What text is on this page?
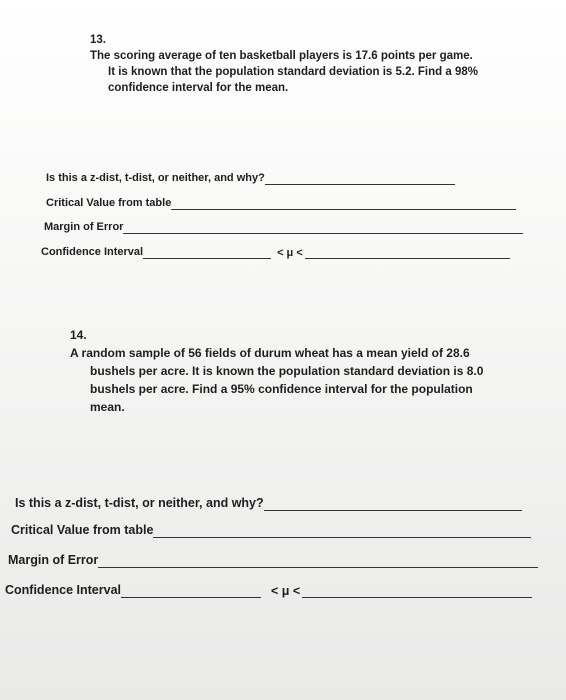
13.
The scoring average of ten basketball players is 17.6 points per game.
It is known that the population standard deviation is 5.2. Find a 98%
confidence interval for the mean.
Is this a z-dist, t-dist, or neither, and why?
Critical Value from table
Margin of Error
Confidence Interval	< μ <
14.
A random sample of 56 fields of durum wheat has a mean yield of 28.6
bushels per acre. It is known the population standard deviation is 8.0
bushels per acre. Find a 95% confidence interval for the population
mean.
Is this a z-dist, t-dist, or neither, and why?
Critical Value from table
Margin of Error
Confidence Interval	< μ <
